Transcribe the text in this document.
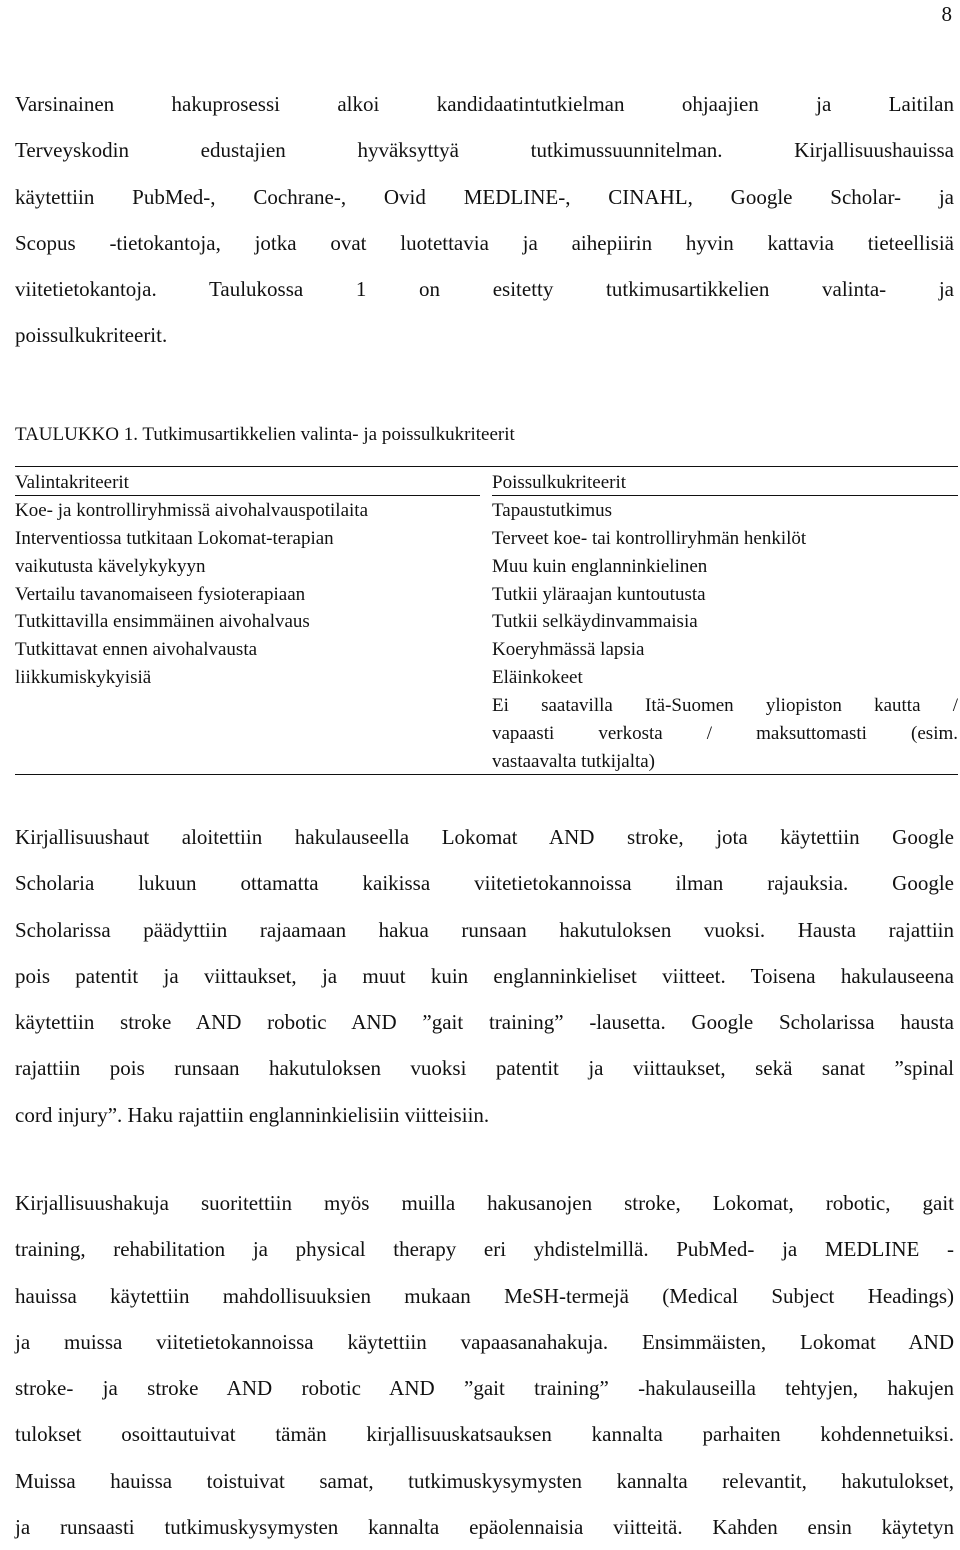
8
Varsinainen hakuprosessi alkoi kandidaatintutkielman ohjaajien ja Laitilan
Terveyskodin edustajien hyväksyttyä tutkimussuunnitelman. Kirjallisuushauissa
käytettiin PubMed-, Cochrane-, Ovid MEDLINE-, CINAHL, Google Scholar- ja
Scopus -tietokantoja, jotka ovat luotettavia ja aihepiirin hyvin kattavia tieteellisiä
viitetietokantoja. Taulukossa 1 on esitetty tutkimusartikkelien valinta- ja
poissulkukriteerit.
TAULUKKO 1. Tutkimusartikkelien valinta- ja poissulkukriteerit
Valintakriteerit
Koe- ja kontrolliryhmissä aivohalvauspotilaita
Interventiossa tutkitaan Lokomat-terapian
vaikutusta kävelykykyyn
Vertailu tavanomaiseen fysioterapiaan
Tutkittavilla ensimmäinen aivohalvaus
Tutkittavat ennen aivohalvausta
liikkumiskykyisiä
Poissulkukriteerit
Tapaustutkimus
Terveet koe- tai kontrolliryhmän henkilöt
Muu kuin englanninkielinen
Tutkii yläraajan kuntoutusta
Tutkii selkäydinvammaisia
Koeryhmässä lapsia
Eläinkokeet
Ei saatavilla Itä-Suomen yliopiston kautta /
vapaasti verkosta / maksuttomasti (esim.
vastaavalta tutkijalta)
Kirjallisuushaut aloitettiin hakulauseella Lokomat AND stroke, jota käytettiin Google
Scholaria lukuun ottamatta kaikissa viitetietokannoissa ilman rajauksia. Google
Scholarissa päädyttiin rajaamaan hakua runsaan hakutuloksen vuoksi. Hausta rajattiin
pois patentit ja viittaukset, ja muut kuin englanninkieliset viitteet. Toisena hakulauseena
käytettiin stroke AND robotic AND ”gait training” -lausetta. Google Scholarissa hausta
rajattiin pois runsaan hakutuloksen vuoksi patentit ja viittaukset, sekä sanat ”spinal
cord injury”. Haku rajattiin englanninkielisiin viitteisiin.
Kirjallisuushakuja suoritettiin myös muilla hakusanojen stroke, Lokomat, robotic, gait
training, rehabilitation ja physical therapy eri yhdistelmillä. PubMed- ja MEDLINE -
hauissa käytettiin mahdollisuuksien mukaan MeSH-termejä (Medical Subject Headings)
ja muissa viitetietokannoissa käytettiin vapaasanahakuja. Ensimmäisten, Lokomat AND
stroke- ja stroke AND robotic AND ”gait training” -hakulauseilla tehtyjen, hakujen
tulokset osoittautuivat tämän kirjallisuuskatsauksen kannalta parhaiten kohdennetuiksi.
Muissa hauissa toistuivat samat, tutkimuskysymysten kannalta relevantit, hakutulokset,
ja runsaasti tutkimuskysymysten kannalta epäolennaisia viitteitä. Kahden ensin käytetyn
